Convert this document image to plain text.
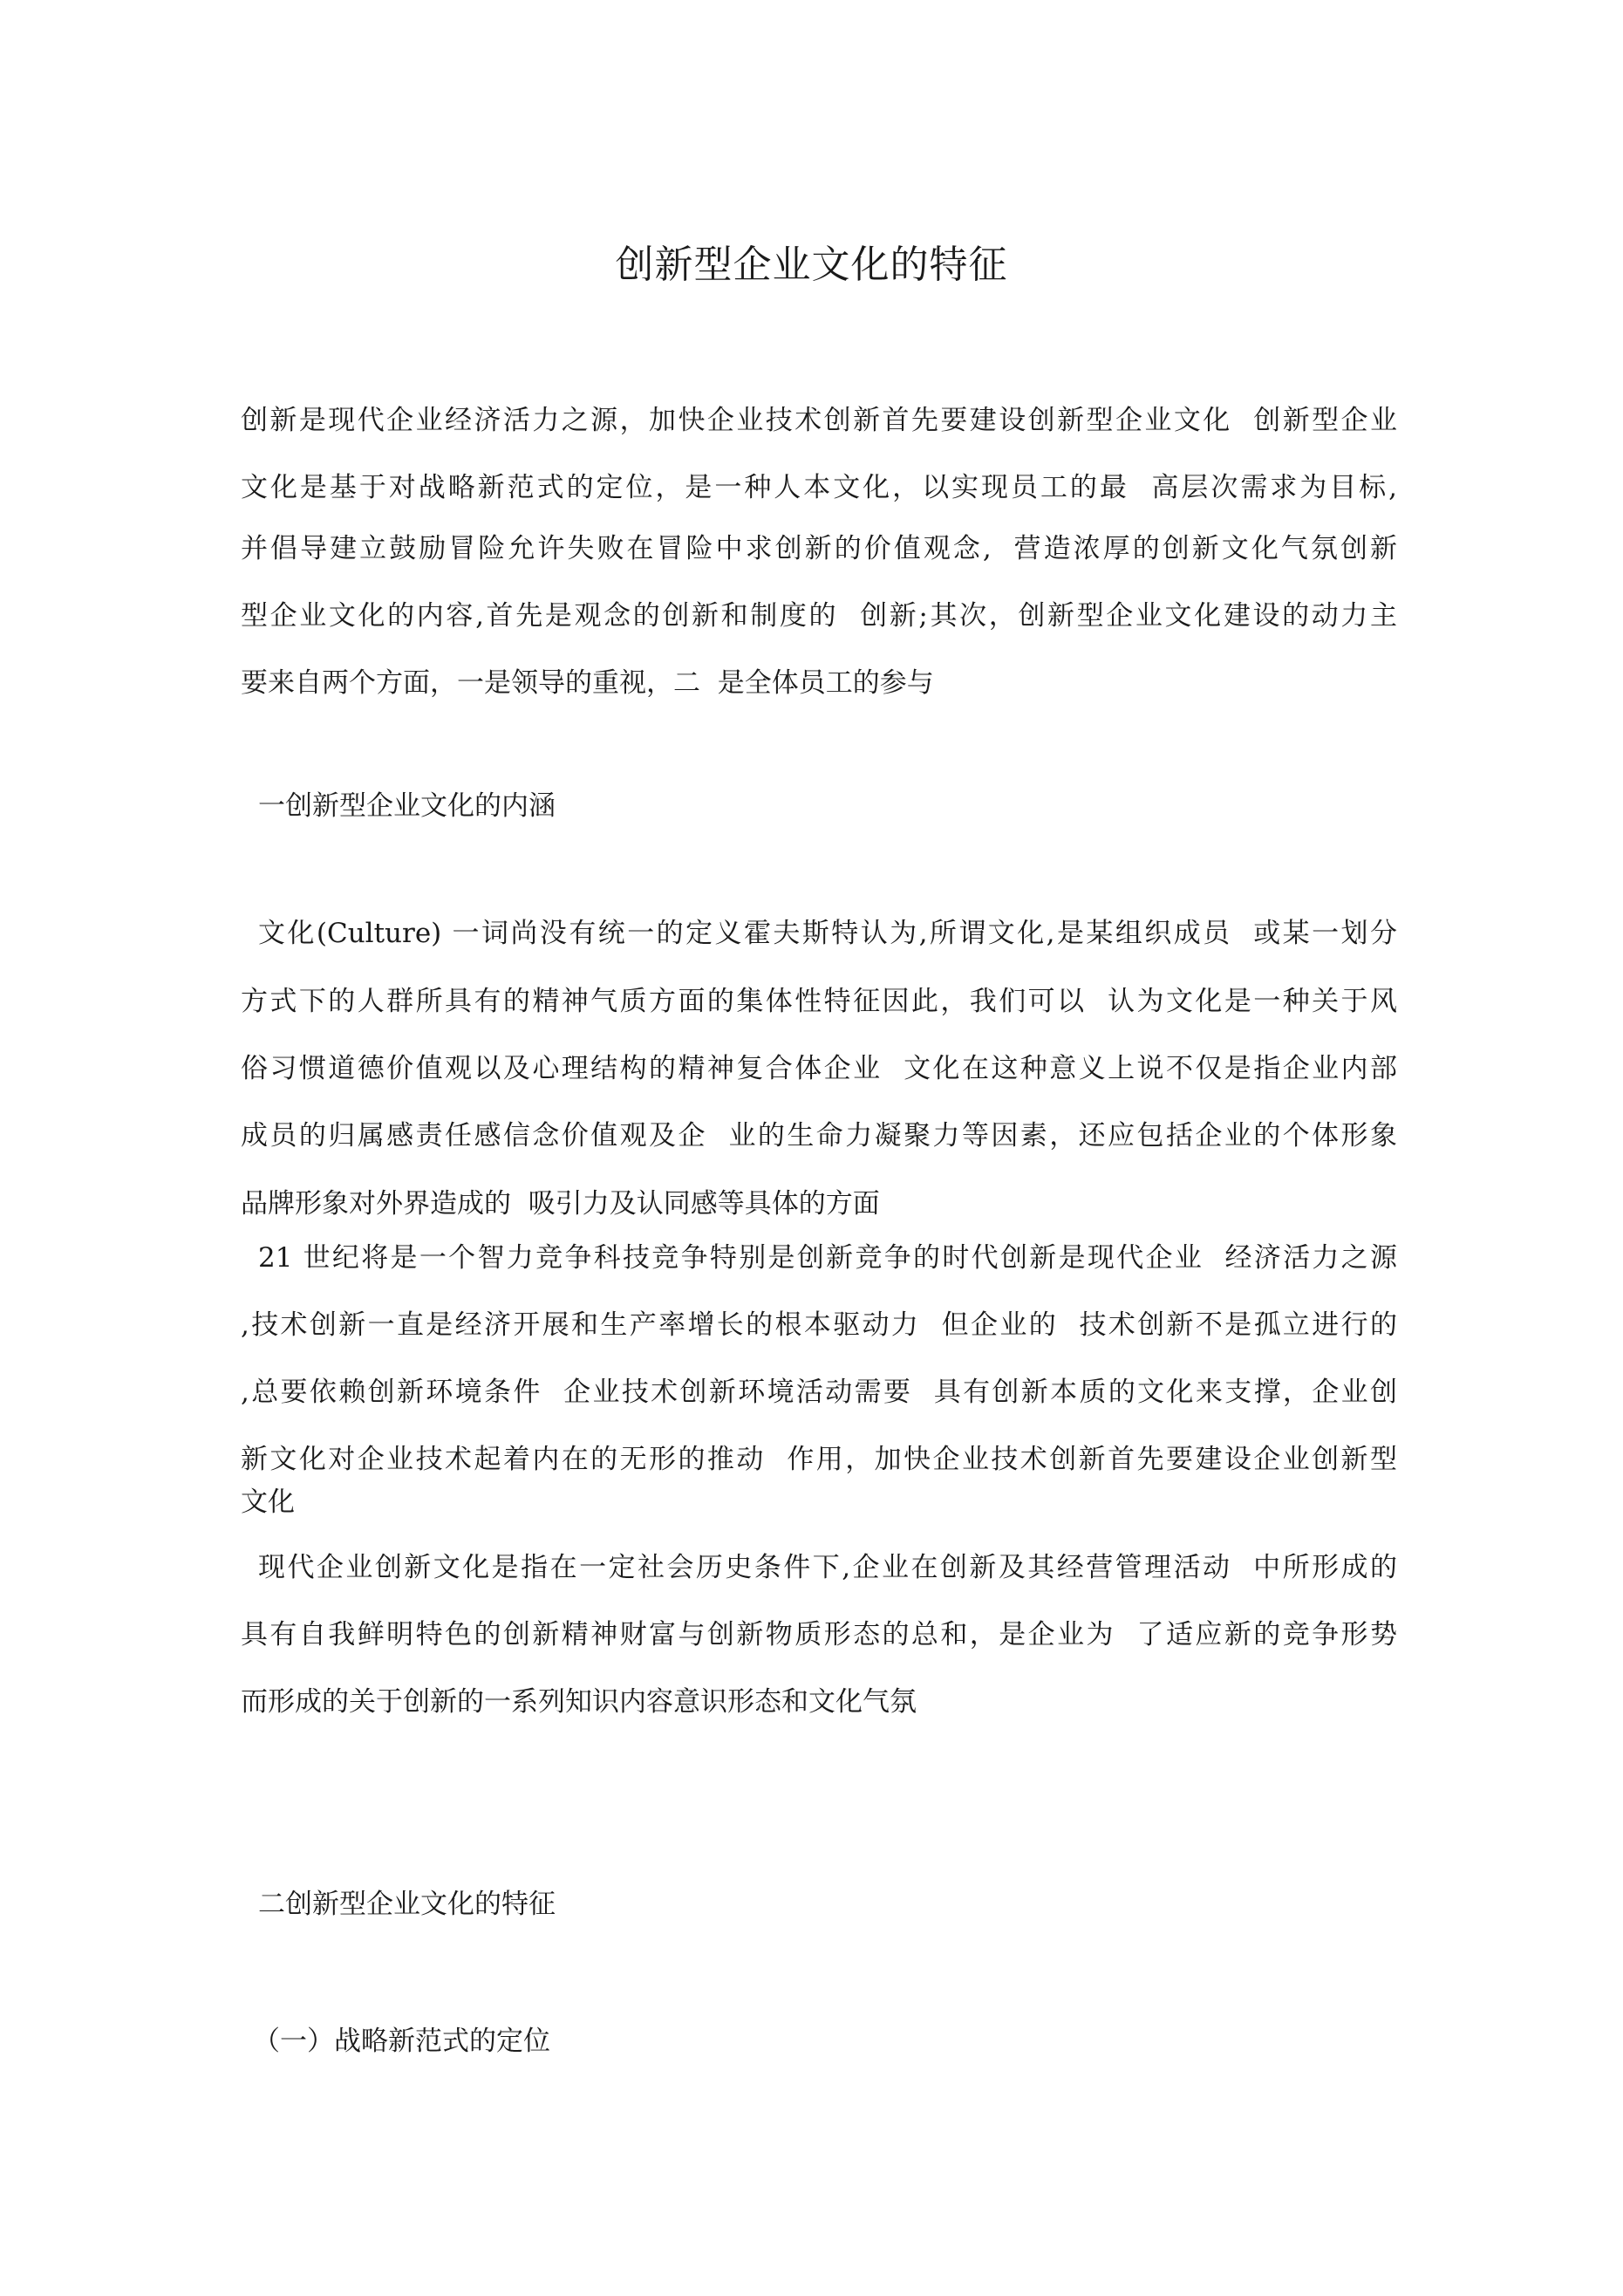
创新型企业文化的特征
创新是现代企业经济活力之源，加快企业技术创新首先要建设创新型企业文化  创新型企业
文化是基于对战略新范式的定位，是一种人本文化，以实现员工的最  高层次需求为目标,
并倡导建立鼓励冒险允许失败在冒险中求创新的价值观念,  营造浓厚的创新文化气氛创新
型企业文化的内容,首先是观念的创新和制度的  创新;其次，创新型企业文化建设的动力主
要来自两个方面，一是领导的重视，二  是全体员工的参与
一创新型企业文化的内涵
文化(Culture) 一词尚没有统一的定义霍夫斯特认为,所谓文化,是某组织成员  或某一划分
方式下的人群所具有的精神气质方面的集体性特征因此，我们可以  认为文化是一种关于风
俗习惯道德价值观以及心理结构的精神复合体企业  文化在这种意义上说不仅是指企业内部
成员的归属感责任感信念价值观及企  业的生命力凝聚力等因素，还应包括企业的个体形象
品牌形象对外界造成的  吸引力及认同感等具体的方面
21 世纪将是一个智力竞争科技竞争特别是创新竞争的时代创新是现代企业  经济活力之源
,技术创新一直是经济开展和生产率增长的根本驱动力  但企业的  技术创新不是孤立进行的
,总要依赖创新环境条件  企业技术创新环境活动需要  具有创新本质的文化来支撑，企业创
新文化对企业技术起着内在的无形的推动  作用，加快企业技术创新首先要建设企业创新型
文化
现代企业创新文化是指在一定社会历史条件下,企业在创新及其经营管理活动  中所形成的
具有自我鲜明特色的创新精神财富与创新物质形态的总和，是企业为  了适应新的竞争形势
而形成的关于创新的一系列知识内容意识形态和文化气氛
二创新型企业文化的特征
（一）战略新范式的定位
